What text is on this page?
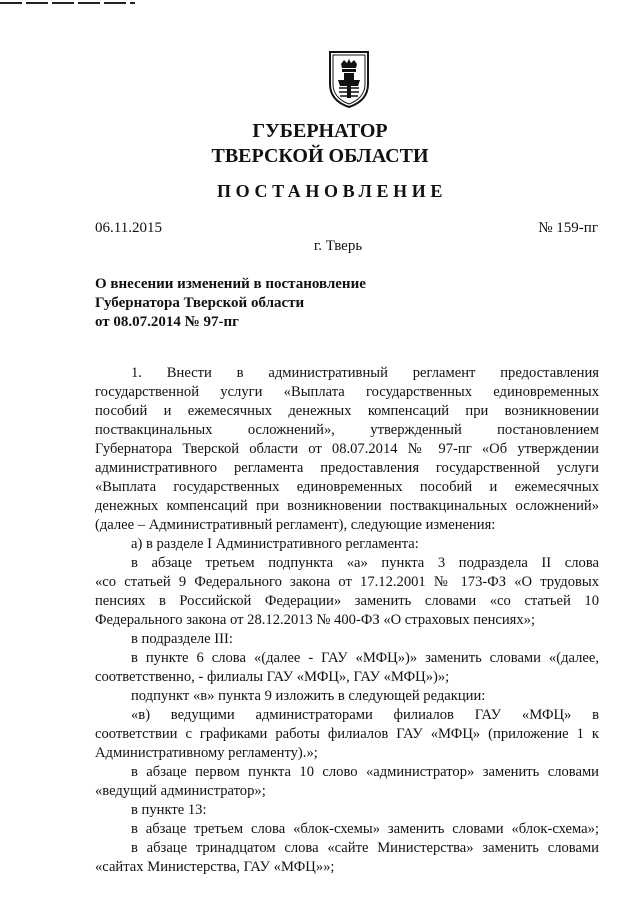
ГУБЕРНАТОР
ТВЕРСКОЙ ОБЛАСТИ
ПОСТАНОВЛЕНИЕ
06.11.2015	№ 159-пг
г. Тверь
О внесении изменений в постановление
Губернатора Тверской области
от 08.07.2014 № 97-пг

1. Внести в административный регламент предоставления

государственной услуги «Выплата государственных единовременных

пособий и ежемесячных денежных компенсаций при возникновении

поствакцинальных осложнений», утвержденный постановлением

Губернатора Тверской области от 08.07.2014 № 97-пг «Об утверждении

административного регламента предоставления государственной услуги

«Выплата государственных единовременных пособий и ежемесячных

денежных компенсаций при возникновении поствакцинальных осложнений»

(далее – Административный регламент), следующие изменения:

а) в разделе I Административного регламента:

в абзаце третьем подпункта «а» пункта 3 подраздела II слова

«со статьей 9 Федерального закона от 17.12.2001 № 173-ФЗ «О трудовых

пенсиях в Российской Федерации» заменить словами «со статьей 10

Федерального закона от 28.12.2013 № 400-ФЗ «О страховых пенсиях»;

в подразделе III:

в пункте 6 слова «(далее - ГАУ «МФЦ»)» заменить словами «(далее,

соответственно, - филиалы ГАУ «МФЦ», ГАУ «МФЦ»)»;

подпункт «в» пункта 9 изложить в следующей редакции:

«в) ведущими администраторами филиалов ГАУ «МФЦ» в

соответствии с графиками работы филиалов ГАУ «МФЦ» (приложение 1 к

Административному регламенту).»;

в абзаце первом пункта 10 слово «администратор» заменить словами

«ведущий администратор»;

в пункте 13:

в абзаце третьем слова «блок-схемы» заменить словами «блок-схема»;

в абзаце тринадцатом слова «сайте Министерства» заменить словами

«сайтах Министерства, ГАУ «МФЦ»»;
